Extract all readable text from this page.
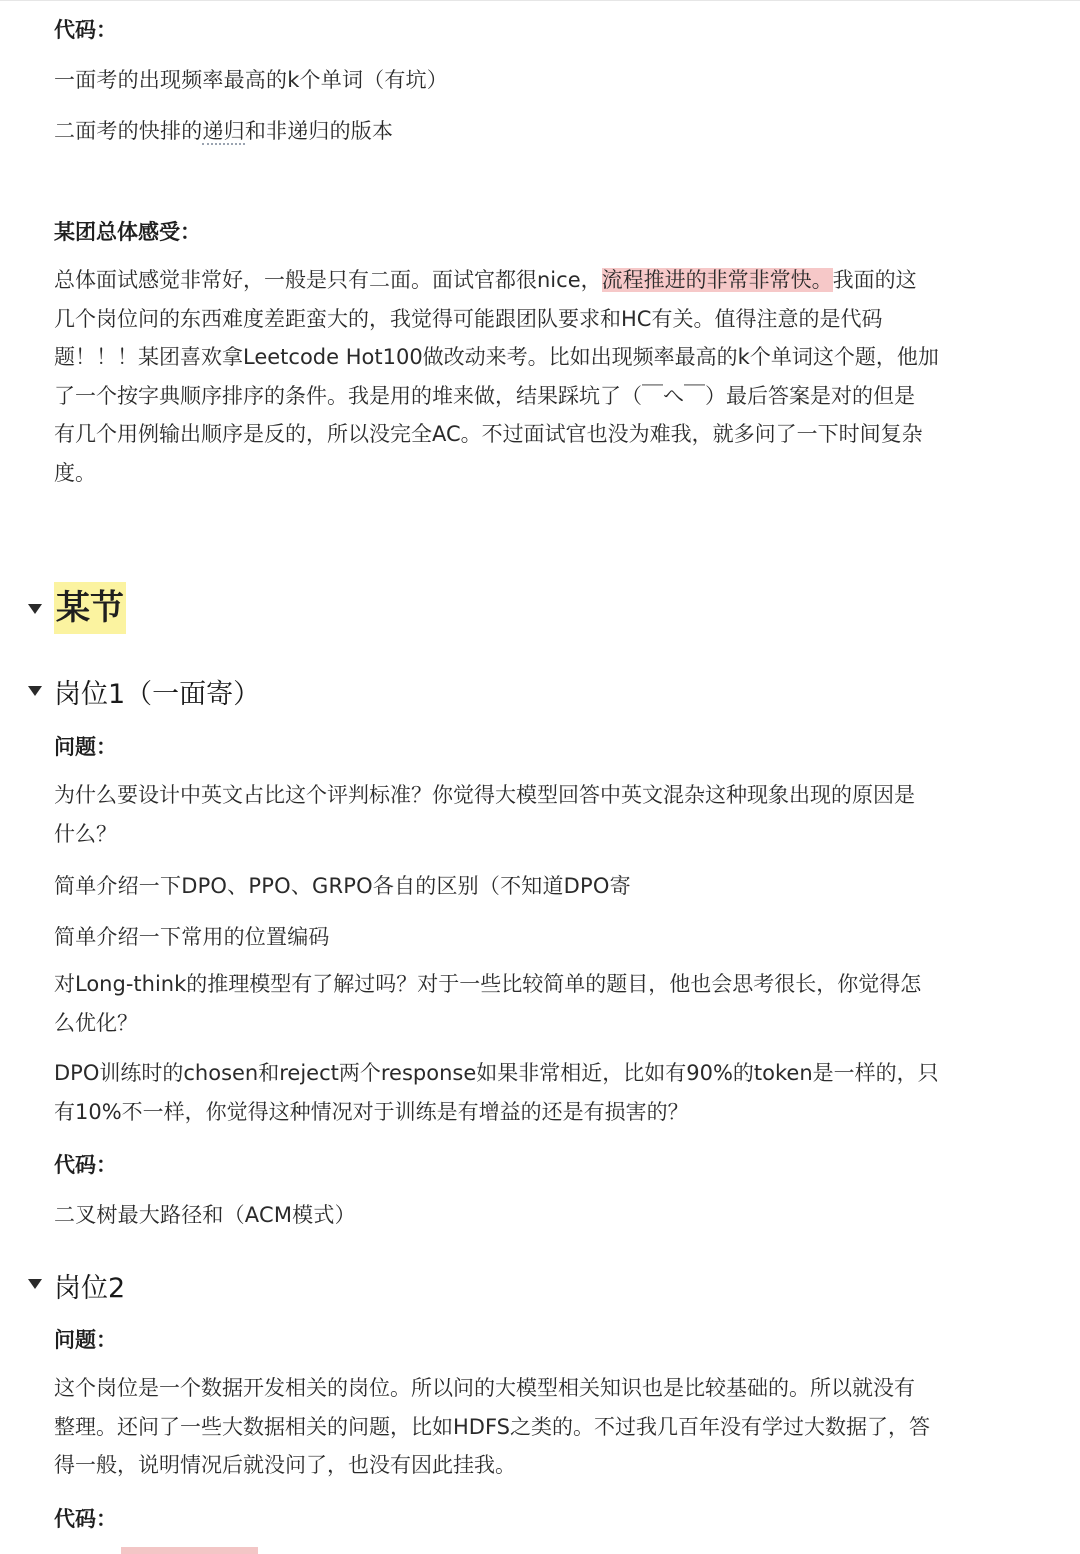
代码：
一面考的出现频率最高的k个单词（有坑）
二面考的快排的递归和非递归的版本
某团总体感受：
总体面试感觉非常好，一般是只有二面。面试官都很nice，流程推进的非常非常快。我面的这
几个岗位问的东西难度差距蛮大的，我觉得可能跟团队要求和HC有关。值得注意的是代码
题！！！某团喜欢拿Leetcode Hot100做改动来考。比如出现频率最高的k个单词这个题，他加
了一个按字典顺序排序的条件。我是用的堆来做，结果踩坑了（￣へ￣）最后答案是对的但是
有几个用例输出顺序是反的，所以没完全AC。不过面试官也没为难我，就多问了一下时间复杂
度。
某节
岗位1（一面寄）
问题：
为什么要设计中英文占比这个评判标准？你觉得大模型回答中英文混杂这种现象出现的原因是
什么？
简单介绍一下DPO、PPO、GRPO各自的区别（不知道DPO寄
简单介绍一下常用的位置编码
对Long-think的推理模型有了解过吗？对于一些比较简单的题目，他也会思考很长，你觉得怎
么优化？
DPO训练时的chosen和reject两个response如果非常相近，比如有90%的token是一样的，只
有10%不一样，你觉得这种情况对于训练是有增益的还是有损害的？
代码：
二叉树最大路径和（ACM模式）
岗位2
问题：
这个岗位是一个数据开发相关的岗位。所以问的大模型相关知识也是比较基础的。所以就没有
整理。还问了一些大数据相关的问题，比如HDFS之类的。不过我几百年没有学过大数据了，答
得一般，说明情况后就没问了，也没有因此挂我。
代码：
